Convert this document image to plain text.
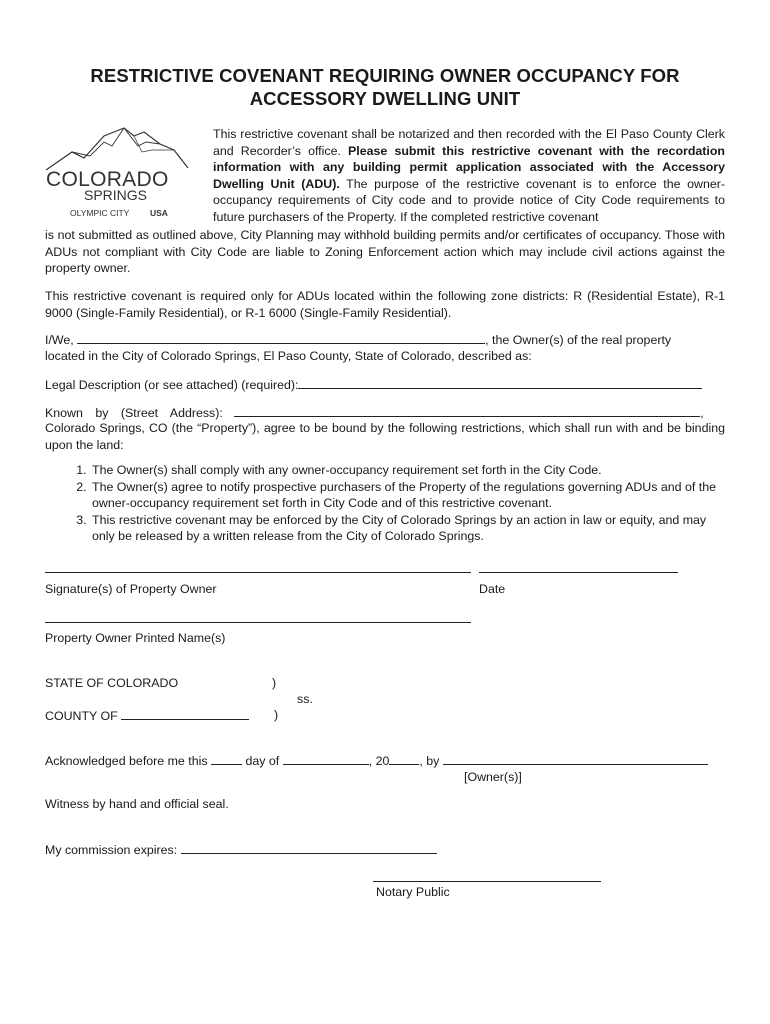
RESTRICTIVE COVENANT REQUIRING OWNER OCCUPANCY FOR
ACCESSORY DWELLING UNIT
COLORADO
SPRINGS
OLYMPIC CITY USA

This restrictive covenant shall be notarized and then recorded with the El Paso County Clerk and Recorder’s office. Please submit this restrictive covenant with the recordation information with any building permit application associated with the Accessory Dwelling Unit (ADU). The purpose of the restrictive covenant is to enforce the owner-occupancy requirements of City code and to provide notice of City Code requirements to future purchasers of the Property. If the completed restrictive covenant

is not submitted as outlined above, City Planning may withhold building permits and/or certificates of occupancy. Those with ADUs not compliant with City Code are liable to Zoning Enforcement action which may include civil actions against the property owner.

This restrictive covenant is required only for ADUs located within the following zone districts: R (Residential Estate), R-1 9000 (Single-Family Residential), or R-1 6000 (Single-Family Residential).

I/We,	, the Owner(s) of the real property
located in the City of Colorado Springs, El Paso County, State of Colorado, described as:
Legal Description (or see attached) (required):
Known by (Street Address):	,
Colorado Springs, CO (the “Property”), agree to be bound by the following restrictions, which shall run with and be binding upon the land:
1. The Owner(s) shall comply with any owner-occupancy requirement set forth in the City Code.
2. The Owner(s) agree to notify prospective purchasers of the Property of the regulations governing ADUs and of the owner-occupancy requirement set forth in City Code and of this restrictive covenant.
3. This restrictive covenant may be enforced by the City of Colorado Springs by an action in law or equity, and may only be released by a written release from the City of Colorado Springs.
Signature(s) of Property Owner	Date
Property Owner Printed Name(s)
STATE OF COLORADO	)
ss.
COUNTY OF	)
Acknowledged before me this	day of	, 20 , by
[Owner(s)]
Witness by hand and official seal.
My commission expires:
Notary Public
